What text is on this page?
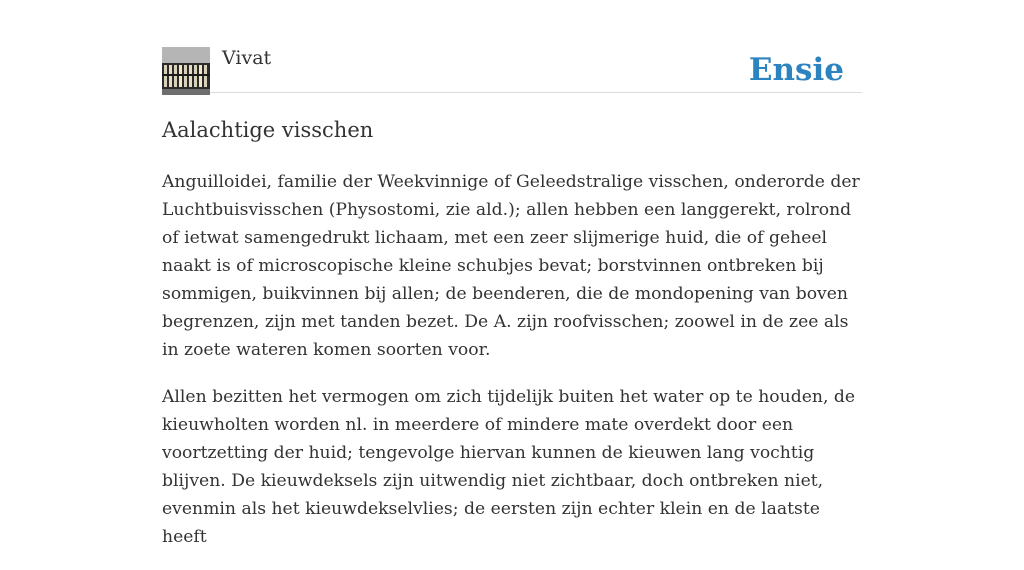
Vivat	Ensie
Aalachtige visschen

Anguilloidei, familie der Weekvinnige of Geleedstralige visschen, onderorde der Luchtbuisvisschen (Physostomi, zie ald.); allen hebben een langgerekt, rolrond of ietwat samengedrukt lichaam, met een zeer slijmerige huid, die of geheel naakt is of microscopische kleine schubjes bevat; borstvinnen ontbreken bij sommigen, buikvinnen bij allen; de beenderen, die de mondopening van boven begrenzen, zijn met tanden bezet. De A. zijn roofvisschen; zoowel in de zee als in zoete wateren komen soorten voor.

Allen bezitten het vermogen om zich tijdelijk buiten het water op te houden, de kieuwholten worden nl. in meerdere of mindere mate overdekt door een voortzetting der huid; tengevolge hiervan kunnen de kieuwen lang vochtig blijven. De kieuwdeksels zijn uitwendig niet zichtbaar, doch ontbreken niet, evenmin als het kieuwdekselvlies; de eersten zijn echter klein en de laatste heeft
